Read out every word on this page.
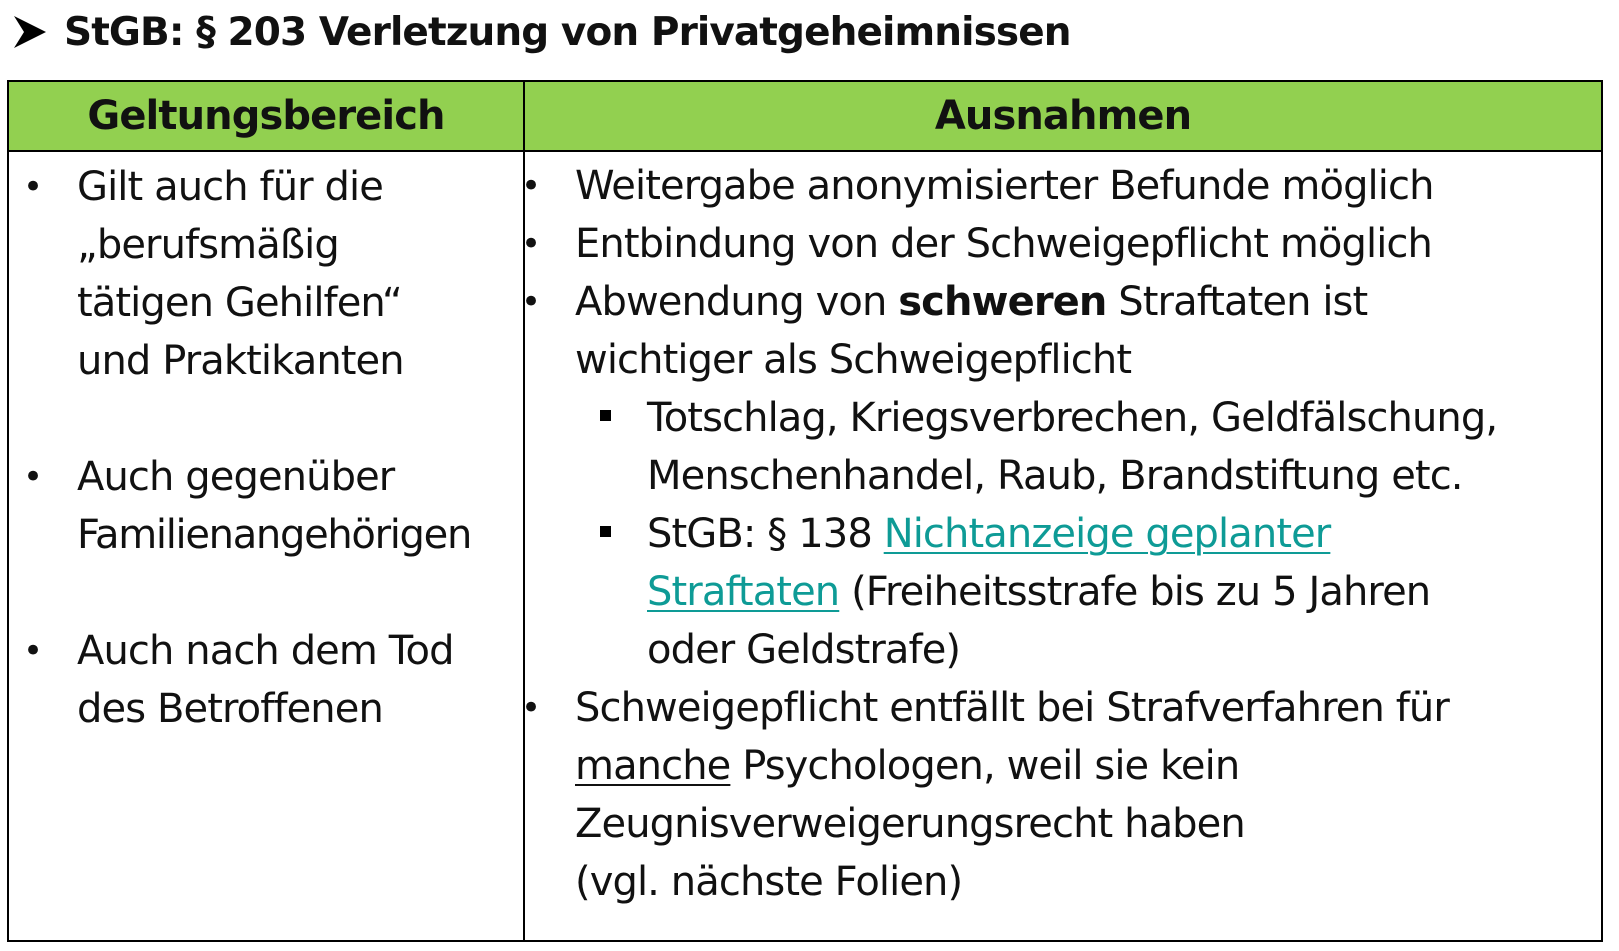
StGB: § 203 Verletzung von Privatgeheimnissen
Geltungsbereich	Ausnahmen
• Gilt auch für die
„berufsmäßig
tätigen Gehilfen“
und Praktikanten
• Auch gegenüber
Familienangehörigen
• Auch nach dem Tod
des Betroffenen
• Weitergabe anonymisierter Befunde möglich
• Entbindung von der Schweigepflicht möglich
• Abwendung von schweren Straftaten ist
wichtiger als Schweigepflicht
Totschlag, Kriegsverbrechen, Geldfälschung,
Menschenhandel, Raub, Brandstiftung etc.
StGB: § 138 Nichtanzeige geplanter
Straftaten (Freiheitsstrafe bis zu 5 Jahren
oder Geldstrafe)
• Schweigepflicht entfällt bei Strafverfahren für
manche Psychologen, weil sie kein
Zeugnisverweigerungsrecht haben
(vgl. nächste Folien)
